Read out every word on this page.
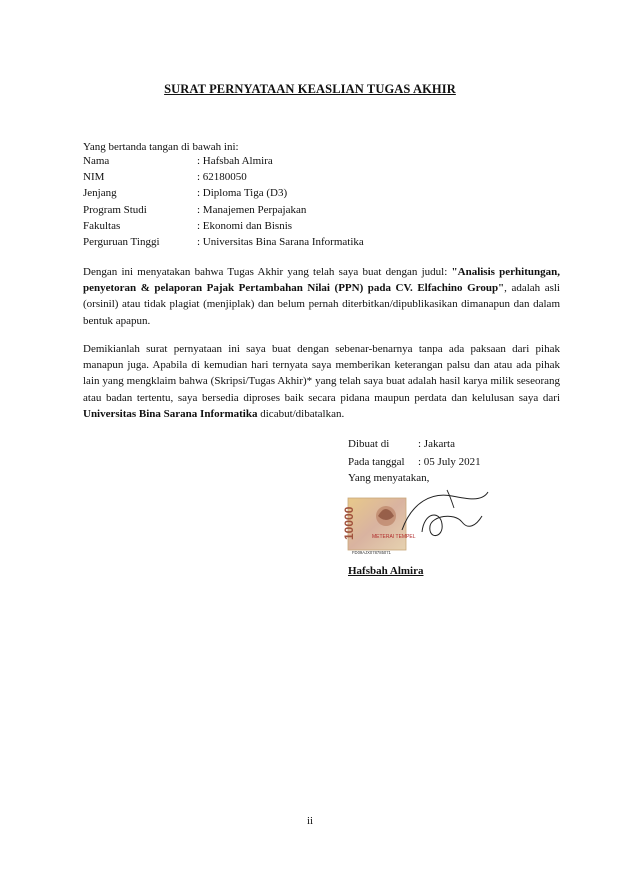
SURAT PERNYATAAN KEASLIAN TUGAS AKHIR
Yang bertanda tangan di bawah ini:
Nama	: Hafsbah Almira
NIM	: 62180050
Jenjang	: Diploma Tiga (D3)
Program Studi	: Manajemen Perpajakan
Fakultas	: Ekonomi dan Bisnis
Perguruan Tinggi	: Universitas Bina Sarana Informatika
Dengan ini menyatakan bahwa Tugas Akhir yang telah saya buat dengan judul: "Analisis perhitungan, penyetoran & pelaporan Pajak Pertambahan Nilai (PPN) pada CV. Elfachino Group", adalah asli (orsinil) atau tidak plagiat (menjiplak) dan belum pernah diterbitkan/dipublikasikan dimanapun dan dalam bentuk apapun.
Demikianlah surat pernyataan ini saya buat dengan sebenar-benarnya tanpa ada paksaan dari pihak manapun juga. Apabila di kemudian hari ternyata saya memberikan keterangan palsu dan atau ada pihak lain yang mengklaim bahwa (Skripsi/Tugas Akhir)* yang telah saya buat adalah hasil karya milik seseorang atau badan tertentu, saya bersedia diproses baik secara pidana maupun perdata dan kelulusan saya dari Universitas Bina Sarana Informatika dicabut/dibatalkan.
Dibuat di	: Jakarta
Pada tanggal : 05 July 2021
Yang menyatakan,
10000	METERAI TEMPEL
FD09AJX078785071
Hafsbah Almira
ii
